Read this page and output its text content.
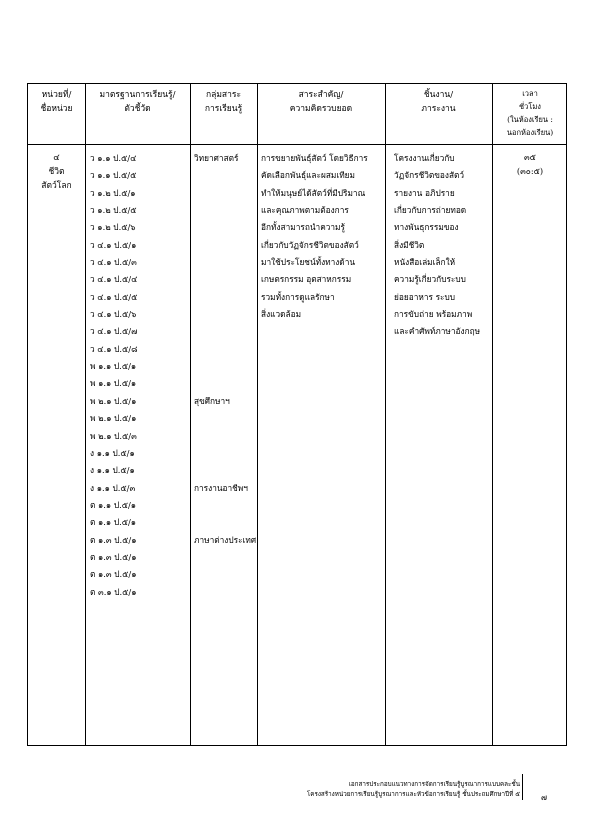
หน่วยที่/
ชื่อหน่วย
มาตรฐานการเรียนรู้/
ตัวชี้วัด
กลุ่มสาระ
การเรียนรู้
สาระสำคัญ/
ความคิดรวบยอด
ชิ้นงาน/
ภาระงาน
เวลา
ชั่วโมง
(ในห้องเรียน :
นอกห้องเรียน)
๔
ชีวิต
สัตว์โลก
ว ๑.๑ ป.๕/๔
ว ๑.๑ ป.๕/๕
ว ๑.๒ ป.๕/๑
ว ๑.๒ ป.๕/๕
ว ๑.๒ ป.๕/๖
ว ๔.๑ ป.๕/๑
ว ๔.๑ ป.๕/๓
ว ๔.๑ ป.๕/๔
ว ๔.๑ ป.๕/๕
ว ๔.๑ ป.๕/๖
ว ๔.๑ ป.๕/๗
ว ๔.๑ ป.๕/๘
พ ๑.๑ ป.๕/๑
พ ๑.๑ ป.๕/๑
พ ๒.๑ ป.๕/๑
พ ๒.๑ ป.๕/๑
พ ๒.๑ ป.๕/๓
ง ๑.๑ ป.๕/๑
ง ๑.๑ ป.๕/๑
ง ๑.๑ ป.๕/๓
ต ๑.๑ ป.๕/๑
ต ๑.๑ ป.๕/๑
ต ๑.๓ ป.๕/๑
ต ๑.๓ ป.๕/๑
ต ๑.๓ ป.๕/๑
ต ๓.๑ ป.๕/๑
วิทยาศาสตร์
สุขศึกษาฯ
การงานอาชีพฯ
ภาษาต่างประเทศ
การขยายพันธุ์สัตว์ โดยวิธีการ
คัดเลือกพันธุ์และผสมเทียม
ทำให้มนุษย์ได้สัตว์ที่มีปริมาณ
และคุณภาพตามต้องการ
อีกทั้งสามารถนำความรู้
เกี่ยวกับวัฏจักรชีวิตของสัตว์
มาใช้ประโยชน์ทั้งทางด้าน
เกษตรกรรม อุตสาหกรรม
รวมทั้งการดูแลรักษา
สิ่งแวดล้อม
โครงงานเกี่ยวกับ
วัฏจักรชีวิตของสัตว์
รายงาน อภิปราย
เกี่ยวกับการถ่ายทอด
ทางพันธุกรรมของ
สิ่งมีชีวิต
หนังสือเล่มเล็กให้
ความรู้เกี่ยวกับระบบ
ย่อยอาหาร ระบบ
การขับถ่าย พร้อมภาพ
และคำศัพท์ภาษาอังกฤษ
๓๕
(๓๐:๕)
เอกสารประกอบแนวทางการจัดการเรียนรู้บูรณาการแบบคละชั้น
โครงสร้างหน่วยการเรียนรู้บูรณาการและหัวข้อการเรียนรู้ ชั้นประถมศึกษาปีที่ ๕	๗
